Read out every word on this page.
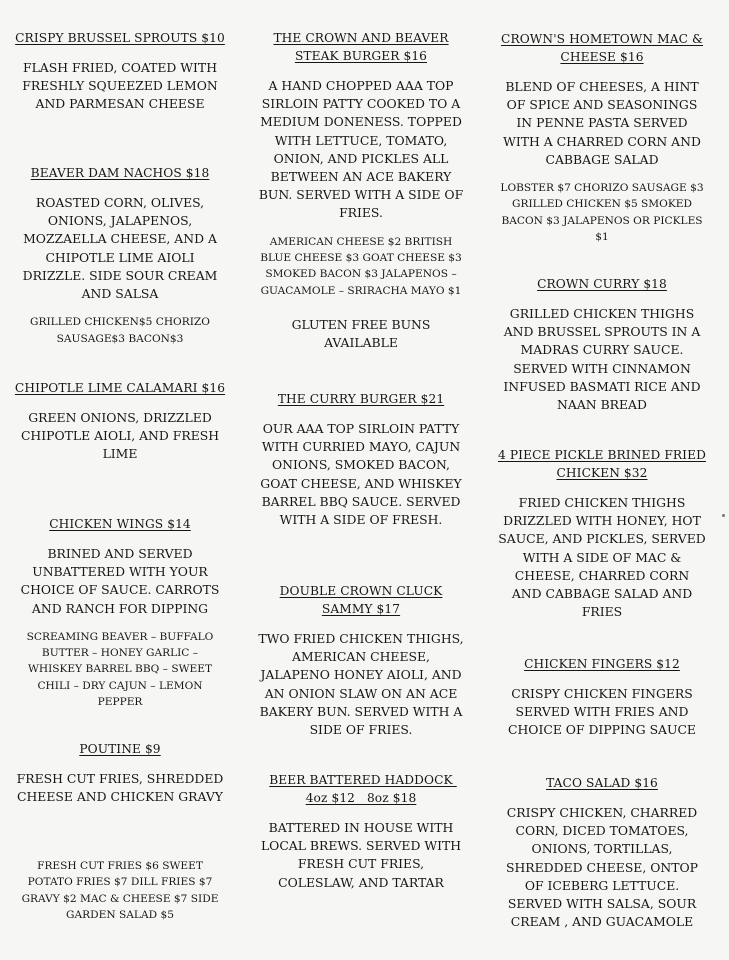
CRISPY BRUSSEL SPROUTS $10
FLASH FRIED, COATED WITH FRESHLY SQUEEZED LEMON AND PARMESAN CHEESE
BEAVER DAM NACHOS $18
ROASTED CORN, OLIVES, ONIONS, JALAPENOS, MOZZAELLA CHEESE, AND A CHIPOTLE LIME AIOLI DRIZZLE. SIDE SOUR CREAM AND SALSA
GRILLED CHICKEN$5 CHORIZO SAUSAGE$3 BACON$3
CHIPOTLE LIME CALAMARI $16
GREEN ONIONS, DRIZZLED CHIPOTLE AIOLI, AND FRESH LIME
CHICKEN WINGS $14
BRINED AND SERVED UNBATTERED WITH YOUR CHOICE OF SAUCE. CARROTS AND RANCH FOR DIPPING
SCREAMING BEAVER – BUFFALO BUTTER – HONEY GARLIC – WHISKEY BARREL BBQ – SWEET CHILI – DRY CAJUN – LEMON PEPPER
POUTINE $9
FRESH CUT FRIES, SHREDDED CHEESE AND CHICKEN GRAVY
FRESH CUT FRIES $6 SWEET POTATO FRIES $7 DILL FRIES $7 GRAVY $2 MAC & CHEESE $7 SIDE GARDEN SALAD $5
THE CROWN AND BEAVER STEAK BURGER $16
A HAND CHOPPED AAA TOP SIRLOIN PATTY COOKED TO A MEDIUM DONENESS. TOPPED WITH LETTUCE, TOMATO, ONION, AND PICKLES ALL BETWEEN AN ACE BAKERY BUN. SERVED WITH A SIDE OF FRIES.
AMERICAN CHEESE $2 BRITISH BLUE CHEESE $3 GOAT CHEESE $3 SMOKED BACON $3 JALAPENOS – GUACAMOLE – SRIRACHA MAYO $1
GLUTEN FREE BUNS AVAILABLE
THE CURRY BURGER $21
OUR AAA TOP SIRLOIN PATTY WITH CURRIED MAYO, CAJUN ONIONS, SMOKED BACON, GOAT CHEESE, AND WHISKEY BARREL BBQ SAUCE. SERVED WITH A SIDE OF FRESH.
DOUBLE CROWN CLUCK SAMMY $17
TWO FRIED CHICKEN THIGHS, AMERICAN CHEESE, JALAPENO HONEY AIOLI, AND AN ONION SLAW ON AN ACE BAKERY BUN. SERVED WITH A SIDE OF FRIES.
BEER BATTERED HADDOCK 4oz $12   8oz $18
BATTERED IN HOUSE WITH LOCAL BREWS. SERVED WITH FRESH CUT FRIES, COLESLAW, AND TARTAR
CROWN'S HOMETOWN MAC & CHEESE $16
BLEND OF CHEESES, A HINT OF SPICE AND SEASONINGS IN PENNE PASTA SERVED WITH A CHARRED CORN AND CABBAGE SALAD
LOBSTER $7 CHORIZO SAUSAGE $3 GRILLED CHICKEN $5 SMOKED BACON $3 JALAPENOS OR PICKLES $1
CROWN CURRY $18
GRILLED CHICKEN THIGHS AND BRUSSEL SPROUTS IN A MADRAS CURRY SAUCE. SERVED WITH CINNAMON INFUSED BASMATI RICE AND NAAN BREAD
4 PIECE PICKLE BRINED FRIED CHICKEN $32
FRIED CHICKEN THIGHS DRIZZLED WITH HONEY, HOT SAUCE, AND PICKLES, SERVED WITH A SIDE OF MAC & CHEESE, CHARRED CORN AND CABBAGE SALAD AND FRIES
CHICKEN FINGERS $12
CRISPY CHICKEN FINGERS SERVED WITH FRIES AND CHOICE OF DIPPING SAUCE
TACO SALAD $16
CRISPY CHICKEN, CHARRED CORN, DICED TOMATOES, ONIONS, TORTILLAS, SHREDDED CHEESE, ONTOP OF ICEBERG LETTUCE. SERVED WITH SALSA, SOUR CREAM , AND GUACAMOLE
